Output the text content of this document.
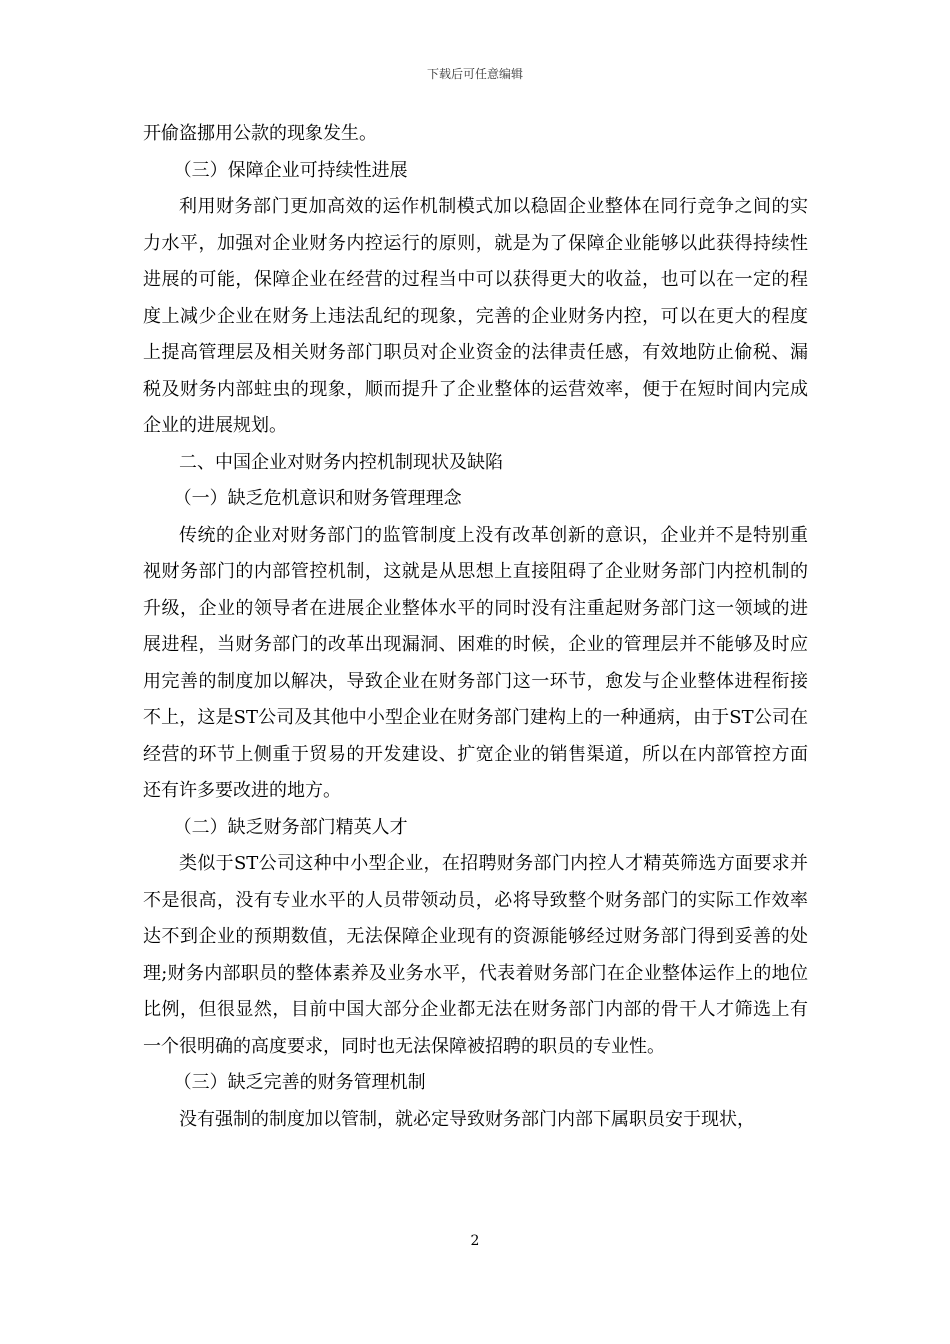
下载后可任意编辑

开偷盗挪用公款的现象发生。

（三）保障企业可持续性进展

利用财务部门更加高效的运作机制模式加以稳固企业整体在同行竞争之间的实力水平，加强对企业财务内控运行的原则，就是为了保障企业能够以此获得持续性进展的可能，保障企业在经营的过程当中可以获得更大的收益，也可以在一定的程度上减少企业在财务上违法乱纪的现象，完善的企业财务内控，可以在更大的程度上提高管理层及相关财务部门职员对企业资金的法律责任感，有效地防止偷税、漏税及财务内部蛀虫的现象，顺而提升了企业整体的运营效率，便于在短时间内完成企业的进展规划。

二、中国企业对财务内控机制现状及缺陷

（一）缺乏危机意识和财务管理理念

传统的企业对财务部门的监管制度上没有改革创新的意识，企业并不是特别重视财务部门的内部管控机制，这就是从思想上直接阻碍了企业财务部门内控机制的升级，企业的领导者在进展企业整体水平的同时没有注重起财务部门这一领域的进展进程，当财务部门的改革出现漏洞、困难的时候，企业的管理层并不能够及时应用完善的制度加以解决，导致企业在财务部门这一环节，愈发与企业整体进程衔接不上，这是ST公司及其他中小型企业在财务部门建构上的一种通病，由于ST公司在经营的环节上侧重于贸易的开发建设、扩宽企业的销售渠道，所以在内部管控方面还有许多要改进的地方。

（二）缺乏财务部门精英人才

类似于ST公司这种中小型企业，在招聘财务部门内控人才精英筛选方面要求并不是很高，没有专业水平的人员带领动员，必将导致整个财务部门的实际工作效率达不到企业的预期数值，无法保障企业现有的资源能够经过财务部门得到妥善的处理;财务内部职员的整体素养及业务水平，代表着财务部门在企业整体运作上的地位比例，但很显然，目前中国大部分企业都无法在财务部门内部的骨干人才筛选上有一个很明确的高度要求，同时也无法保障被招聘的职员的专业性。

（三）缺乏完善的财务管理机制

没有强制的制度加以管制，就必定导致财务部门内部下属职员安于现状，

2
